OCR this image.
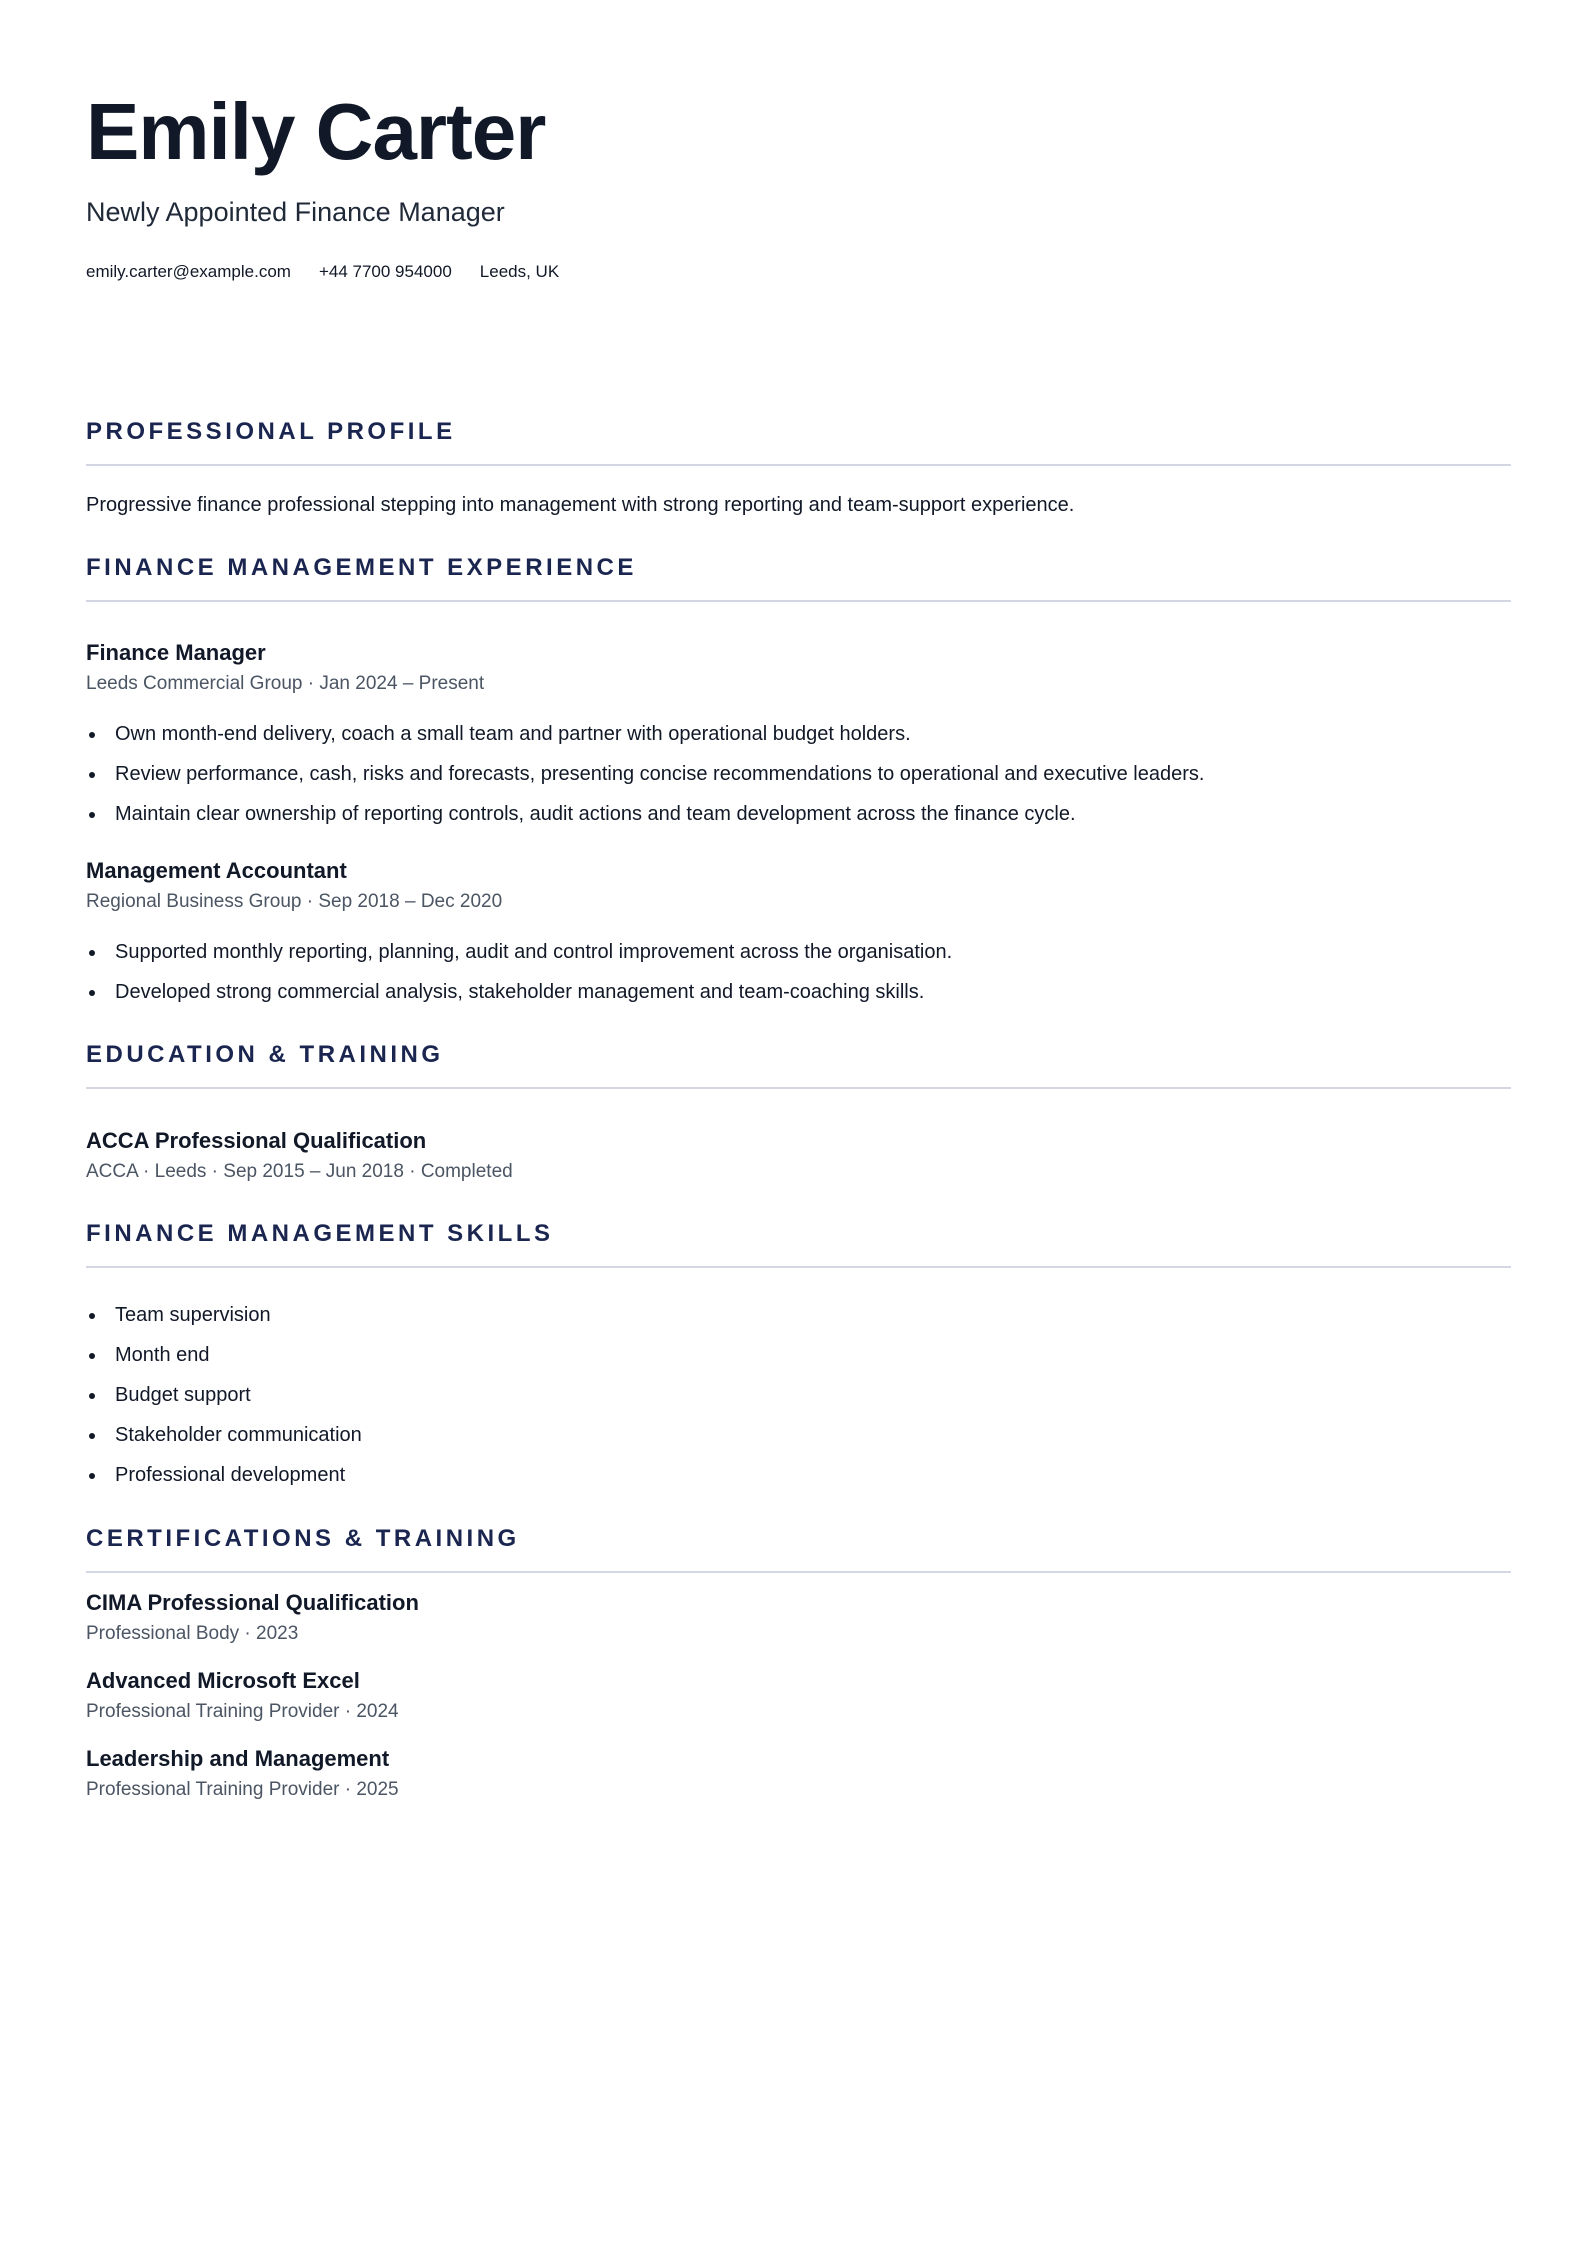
Emily Carter
Newly Appointed Finance Manager
emily.carter@example.com +44 7700 954000 Leeds, UK
PROFESSIONAL PROFILE
Progressive finance professional stepping into management with strong reporting and team-support experience.
FINANCE MANAGEMENT EXPERIENCE
Finance Manager
Leeds Commercial Group · Jan 2024 – Present
Own month-end delivery, coach a small team and partner with operational budget holders.
Review performance, cash, risks and forecasts, presenting concise recommendations to operational and executive leaders.
Maintain clear ownership of reporting controls, audit actions and team development across the finance cycle.
Management Accountant
Regional Business Group · Sep 2018 – Dec 2020
Supported monthly reporting, planning, audit and control improvement across the organisation.
Developed strong commercial analysis, stakeholder management and team-coaching skills.
EDUCATION & TRAINING
ACCA Professional Qualification
ACCA · Leeds · Sep 2015 – Jun 2018 · Completed
FINANCE MANAGEMENT SKILLS
Team supervision
Month end
Budget support
Stakeholder communication
Professional development
CERTIFICATIONS & TRAINING
CIMA Professional Qualification
Professional Body · 2023
Advanced Microsoft Excel
Professional Training Provider · 2024
Leadership and Management
Professional Training Provider · 2025
